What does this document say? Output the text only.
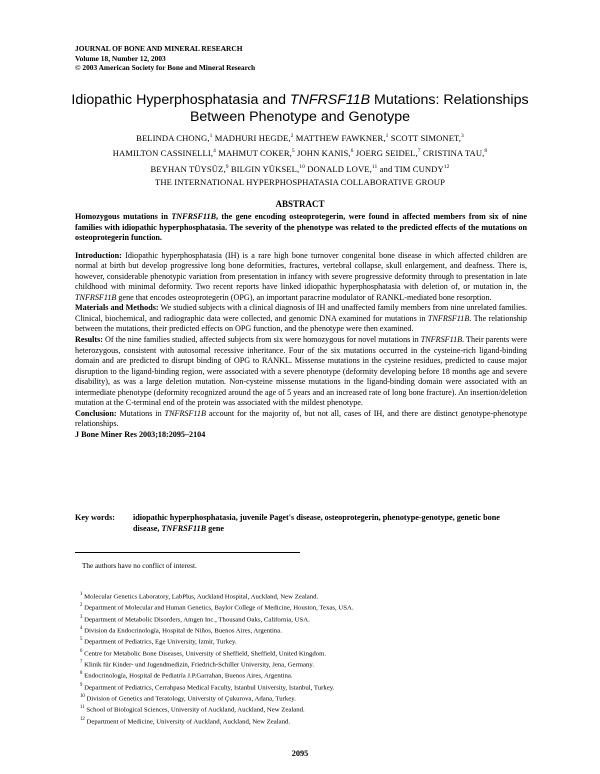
JOURNAL OF BONE AND MINERAL RESEARCH
Volume 18, Number 12, 2003
© 2003 American Society for Bone and Mineral Research
Idiopathic Hyperphosphatasia and TNFRSF11B Mutations: Relationships
Between Phenotype and Genotype
BELINDA CHONG,$^1$ MADHURI HEGDE,$^2$ MATTHEW FAWKNER,$^1$ SCOTT SIMONET,$^3$
HAMILTON CASSINELLI,$^4$ MAHMUT COKER,$^5$ JOHN KANIS,$^6$ JOERG SEIDEL,$^7$ CRISTINA TAU,$^8$
BEYHAN TÜYSÜZ,$^9$ BILGIN YÜKSEL,$^{10}$ DONALD LOVE,$^{11}$ and TIM CUNDY$^{12}$
THE INTERNATIONAL HYPERPHOSPHATASIA COLLABORATIVE GROUP
ABSTRACT

Homozygous mutations in TNFRSF11B, the gene encoding osteoprotegerin, were found in affected members from six of nine families with idiopathic hyperphosphatasia. The severity of the phenotype was related to the predicted effects of the mutations on osteoprotegerin function.

Introduction: Idiopathic hyperphosphatasia (IH) is a rare high bone turnover congenital bone disease in which affected children are normal at birth but develop progressive long bone deformities, fractures, vertebral collapse, skull enlargement, and deafness. There is, however, considerable phenotypic variation from presentation in infancy with severe progressive deformity through to presentation in late childhood with minimal deformity. Two recent reports have linked idiopathic hyperphosphatasia with deletion of, or mutation in, the TNFRSF11B gene that encodes osteoprotegerin (OPG), an important paracrine modulator of RANKL-mediated bone resorption.

Materials and Methods: We studied subjects with a clinical diagnosis of IH and unaffected family members from nine unrelated families. Clinical, biochemical, and radiographic data were collected, and genomic DNA examined for mutations in TNFRSF11B. The relationship between the mutations, their predicted effects on OPG function, and the phenotype were then examined.

Results: Of the nine families studied, affected subjects from six were homozygous for novel mutations in TNFRSF11B. Their parents were heterozygous, consistent with autosomal recessive inheritance. Four of the six mutations occurred in the cysteine-rich ligand-binding domain and are predicted to disrupt binding of OPG to RANKL. Missense mutations in the cysteine residues, predicted to cause major disruption to the ligand-binding region, were associated with a severe phenotype (deformity developing before 18 months age and severe disability), as was a large deletion mutation. Non-cysteine missense mutations in the ligand-binding domain were associated with an intermediate phenotype (deformity recognized around the age of 5 years and an increased rate of long bone fracture). An insertion/deletion mutation at the C-terminal end of the protein was associated with the mildest phenotype.

Conclusion: Mutations in TNFRSF11B account for the majority of, but not all, cases of IH, and there are distinct genotype-phenotype relationships.

J Bone Miner Res 2003;18:2095–2104

Key words: idiopathic hyperphosphatasia, juvenile Paget's disease, osteoprotegerin, phenotype-genotype, genetic bone disease, TNFRSF11B gene
The authors have no conflict of interest.
$^1$ Molecular Genetics Laboratory, LabPlus, Auckland Hospital, Auckland, New Zealand.
$^2$ Department of Molecular and Human Genetics, Baylor College of Medicine, Houston, Texas, USA.
$^3$ Department of Metabolic Disorders, Amgen Inc., Thousand Oaks, California, USA.
$^4$ Division da Endocrinología, Hospital de Niños, Buenos Aires, Argentina.
$^5$ Department of Pediatrics, Ege University, Izmir, Turkey.
$^6$ Centre for Metabolic Bone Diseases, University of Sheffield, Sheffield, United Kingdom.
$^7$ Klinik für Kinder- und Jugendmedizin, Friedrich-Schiller University, Jena, Germany.
$^8$ Endocrinología, Hospital de Pediatría J.P.Garrahan, Buenos Aires, Argentina.
$^9$ Department of Pediatrics, Cerrahpasa Medical Faculty, Istanbul University, Istanbul, Turkey.
$^{10}$ Division of Genetics and Teratology, University of Çukurova, Adana, Turkey.
$^{11}$ School of Biological Sciences, University of Auckland, Auckland, New Zealand.
$^{12}$ Department of Medicine, University of Auckland, Auckland, New Zealand.
2095
